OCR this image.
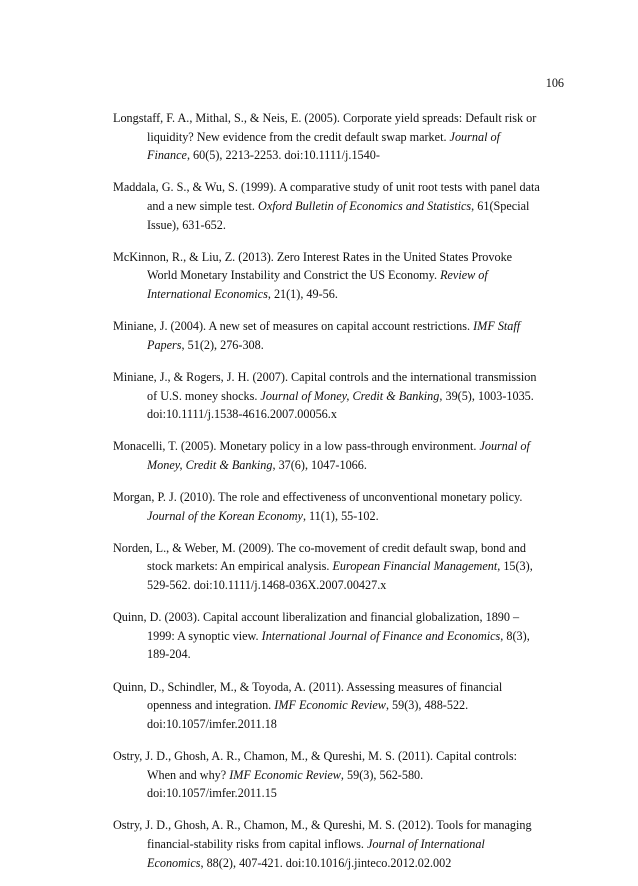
106

Longstaff, F. A., Mithal, S., & Neis, E. (2005). Corporate yield spreads: Default risk or liquidity? New evidence from the credit default swap market. Journal of Finance, 60(5), 2213-2253. doi:10.1111/j.1540-

Maddala, G. S., & Wu, S. (1999). A comparative study of unit root tests with panel data and a new simple test. Oxford Bulletin of Economics and Statistics, 61(Special Issue), 631-652.

McKinnon, R., & Liu, Z. (2013). Zero Interest Rates in the United States Provoke World Monetary Instability and Constrict the US Economy. Review of International Economics, 21(1), 49-56.

Miniane, J. (2004). A new set of measures on capital account restrictions. IMF Staff Papers, 51(2), 276-308.

Miniane, J., & Rogers, J. H. (2007). Capital controls and the international transmission of U.S. money shocks. Journal of Money, Credit & Banking, 39(5), 1003-1035. doi:10.1111/j.1538-4616.2007.00056.x

Monacelli, T. (2005). Monetary policy in a low pass-through environment. Journal of Money, Credit & Banking, 37(6), 1047-1066.

Morgan, P. J. (2010). The role and effectiveness of unconventional monetary policy. Journal of the Korean Economy, 11(1), 55-102.

Norden, L., & Weber, M. (2009). The co-movement of credit default swap, bond and stock markets: An empirical analysis. European Financial Management, 15(3), 529-562. doi:10.1111/j.1468-036X.2007.00427.x

Quinn, D. (2003). Capital account liberalization and financial globalization, 1890 – 1999: A synoptic view. International Journal of Finance and Economics, 8(3), 189-204.

Quinn, D., Schindler, M., & Toyoda, A. (2011). Assessing measures of financial openness and integration. IMF Economic Review, 59(3), 488-522. doi:10.1057/imfer.2011.18

Ostry, J. D., Ghosh, A. R., Chamon, M., & Qureshi, M. S. (2011). Capital controls: When and why? IMF Economic Review, 59(3), 562-580. doi:10.1057/imfer.2011.15

Ostry, J. D., Ghosh, A. R., Chamon, M., & Qureshi, M. S. (2012). Tools for managing financial-stability risks from capital inflows. Journal of International Economics, 88(2), 407-421. doi:10.1016/j.jinteco.2012.02.002
